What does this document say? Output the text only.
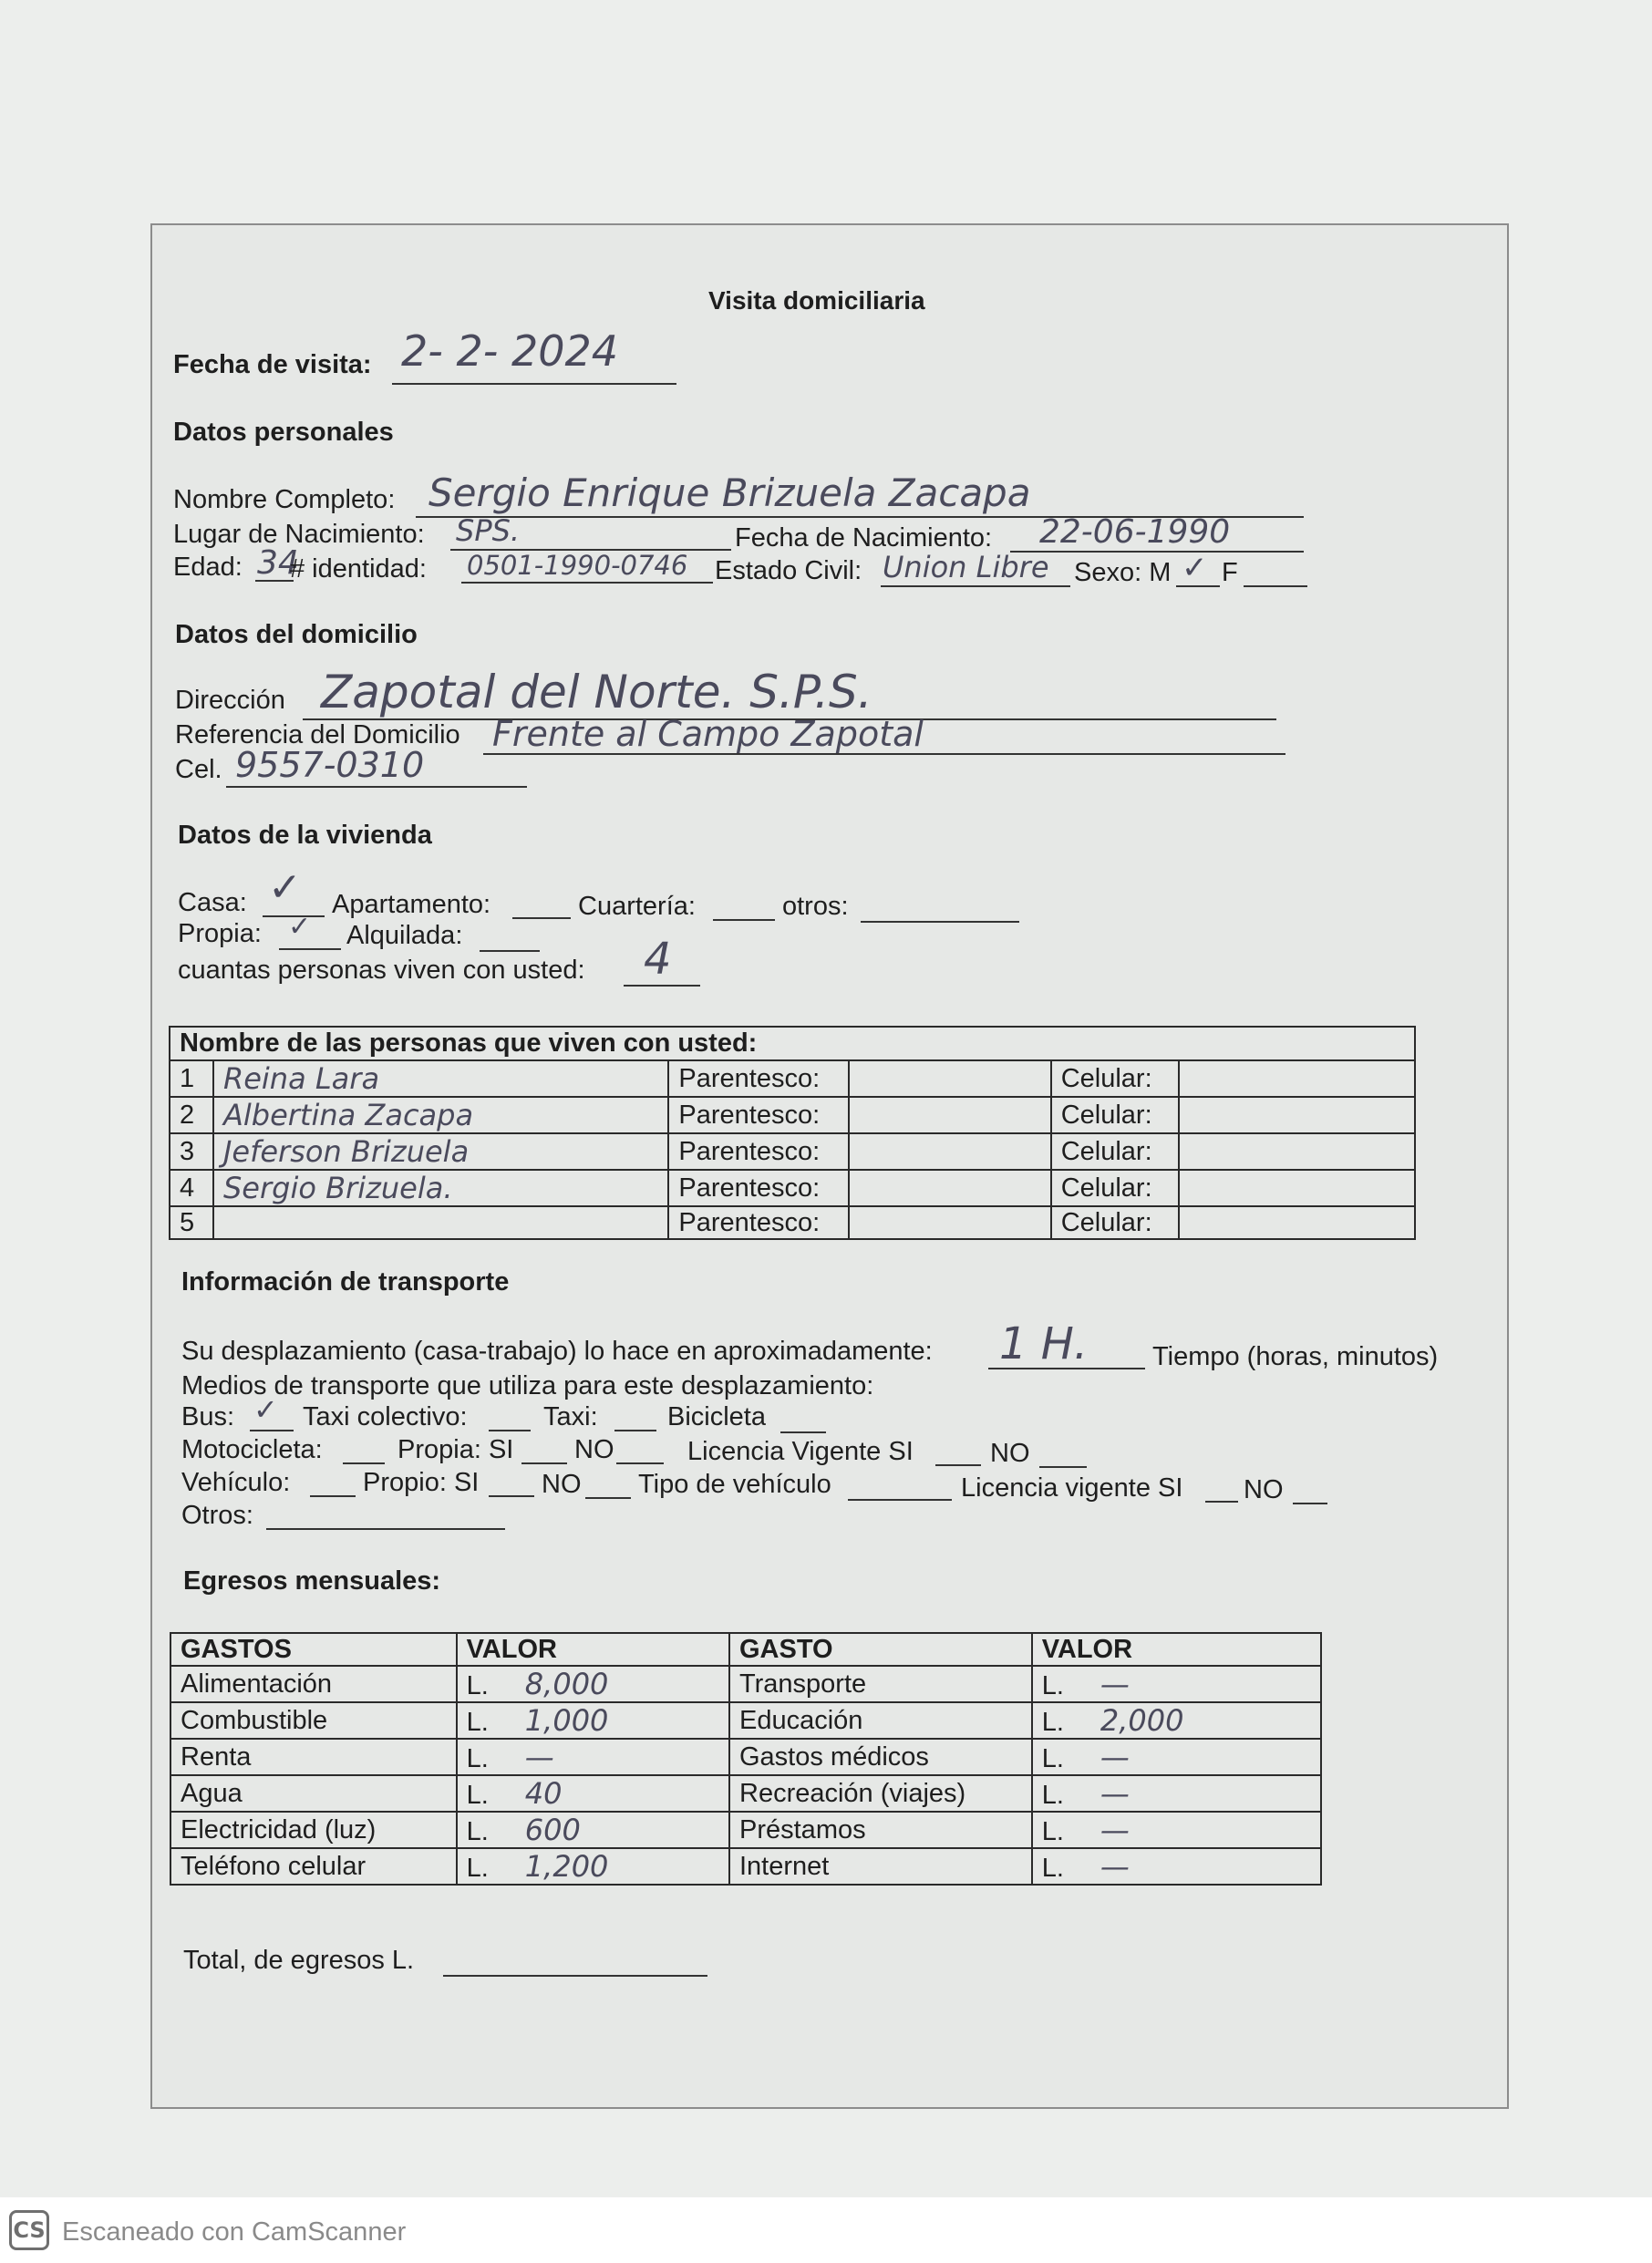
Visita domiciliaria
Fecha de visita: 2- 2- 2024
Datos personales
Nombre Completo: Sergio Enrique Brizuela Zacapa
Lugar de Nacimiento: SPS.	Fecha de Nacimiento: 22-06-1990
Edad: 34
# identidad: 0501-1990-0746 Estado Civil: Union Libre Sexo: M ✓ F
Datos del domicilio
Dirección Zapotal del Norte. S.P.S.
Referencia del Domicilio Frente al Campo Zapotal
Cel. 9557-0310
Datos de la vivienda
Casa: ✓ Apartamento:	Cuartería:	otros:
Propia: ✓ Alquilada:
cuantas personas viven con usted: 4
Nombre de las personas que viven con usted:					
1	Reina Lara	Parentesco:		Celular:	
2	Albertina Zacapa	Parentesco:		Celular:	
3	Jeferson Brizuela	Parentesco:		Celular:	
4	Sergio Brizuela.	Parentesco:		Celular:	
5		Parentesco:		Celular:	
Información de transporte
Su desplazamiento (casa-trabajo) lo hace en aproximadamente: 1 H. Tiempo (horas, minutos)
Medios de transporte que utiliza para este desplazamiento:
Bus: ✓ Taxi colectivo:	Taxi:	Bicicleta
Motocicleta:	Propia: SI NO	Licencia Vigente SI	NO
Vehículo:	Propio: SI NO Tipo de vehículo	Licencia vigente SI NO
Otros:
Egresos mensuales:
GASTOS	VALOR	GASTO	VALOR
Alimentación	L. 8,000	Transporte	L. —
Combustible	L. 1,000	Educación	L. 2,000
Renta	L. —	Gastos médicos	L. —
Agua	L. 40	Recreación (viajes)	L. —
Electricidad (luz)	L. 600	Préstamos	L. —
Teléfono celular	L. 1,200	Internet	L. —
Total, de egresos L.
CS Escaneado con CamScanner
